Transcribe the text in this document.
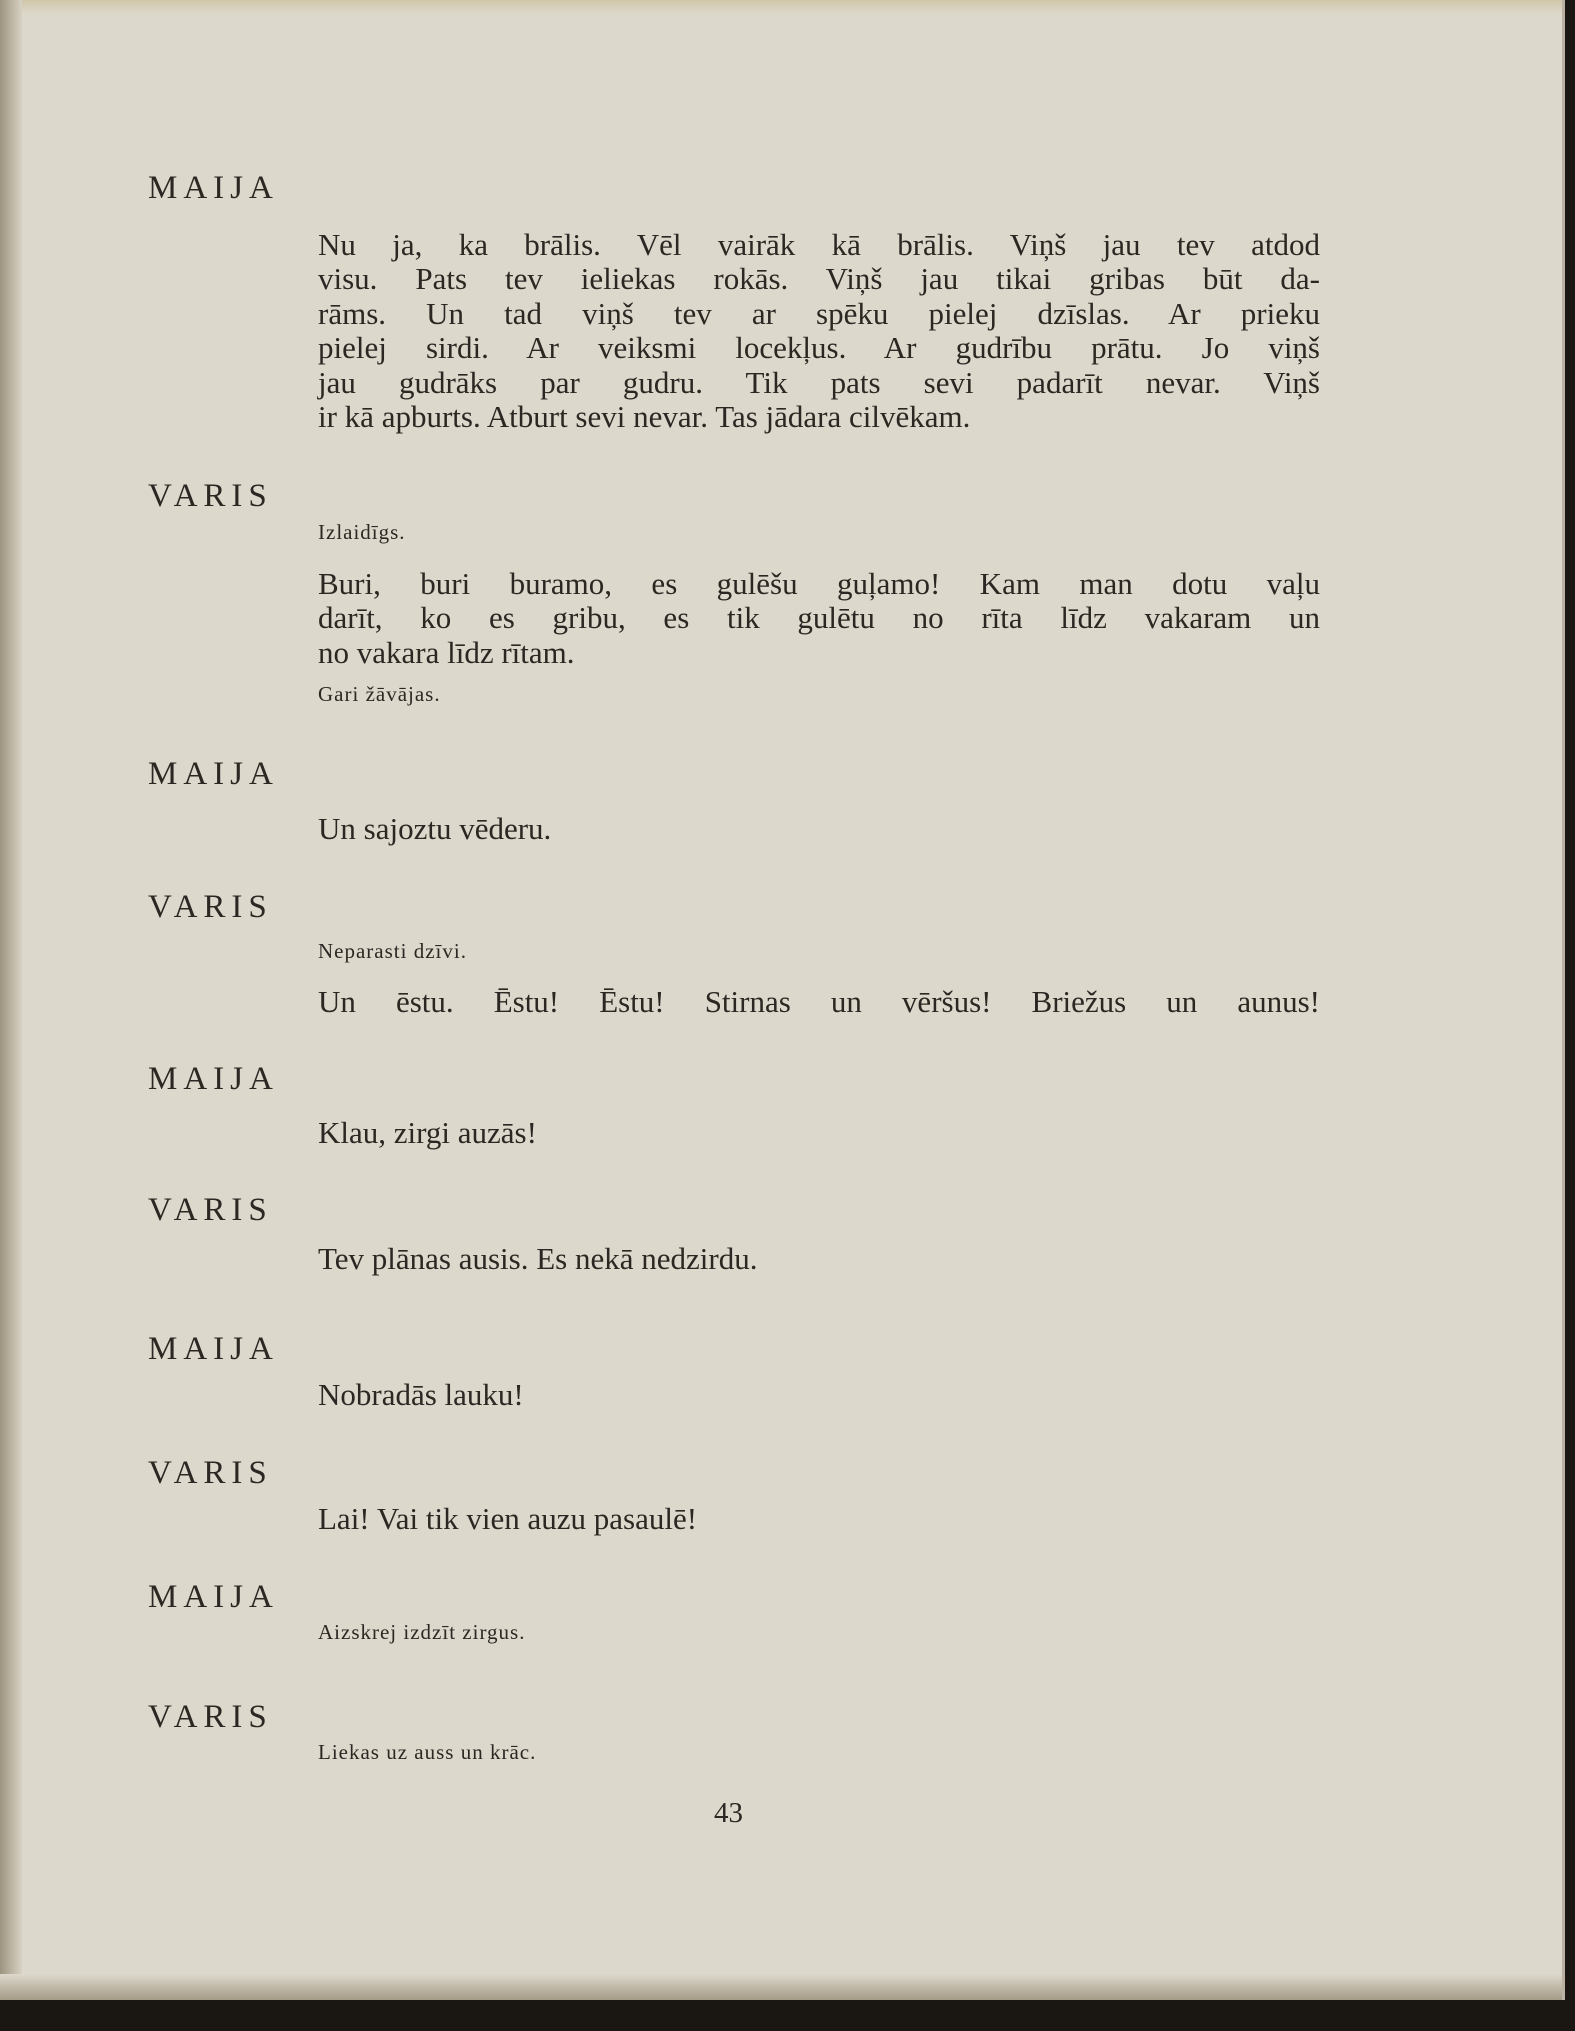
MAIJA
Nu ja, ka brālis. Vēl vairāk kā brālis. Viņš jau tev atdod
visu. Pats tev ieliekas rokās. Viņš jau tikai gribas būt da-
rāms. Un tad viņš tev ar spēku pielej dzīslas. Ar prieku
pielej sirdi. Ar veiksmi locekļus. Ar gudrību prātu. Jo viņš
jau gudrāks par gudru. Tik pats sevi padarīt nevar. Viņš
ir kā apburts. Atburt sevi nevar. Tas jādara cilvēkam.
VARIS
Izlaidīgs.
Buri, buri buramo, es gulēšu guļamo! Kam man dotu vaļu
darīt, ko es gribu, es tik gulētu no rīta līdz vakaram un
no vakara līdz rītam.
Gari žāvājas.
MAIJA
Un sajoztu vēderu.
VARIS
Neparasti dzīvi.
Un ēstu. Ēstu! Ēstu! Stirnas un vēršus! Briežus un aunus!
MAIJA
Klau, zirgi auzās!
VARIS
Tev plānas ausis. Es nekā nedzirdu.
MAIJA
Nobradās lauku!
VARIS
Lai! Vai tik vien auzu pasaulē!
MAIJA
Aizskrej izdzīt zirgus.
VARIS
Liekas uz auss un krāc.
43
